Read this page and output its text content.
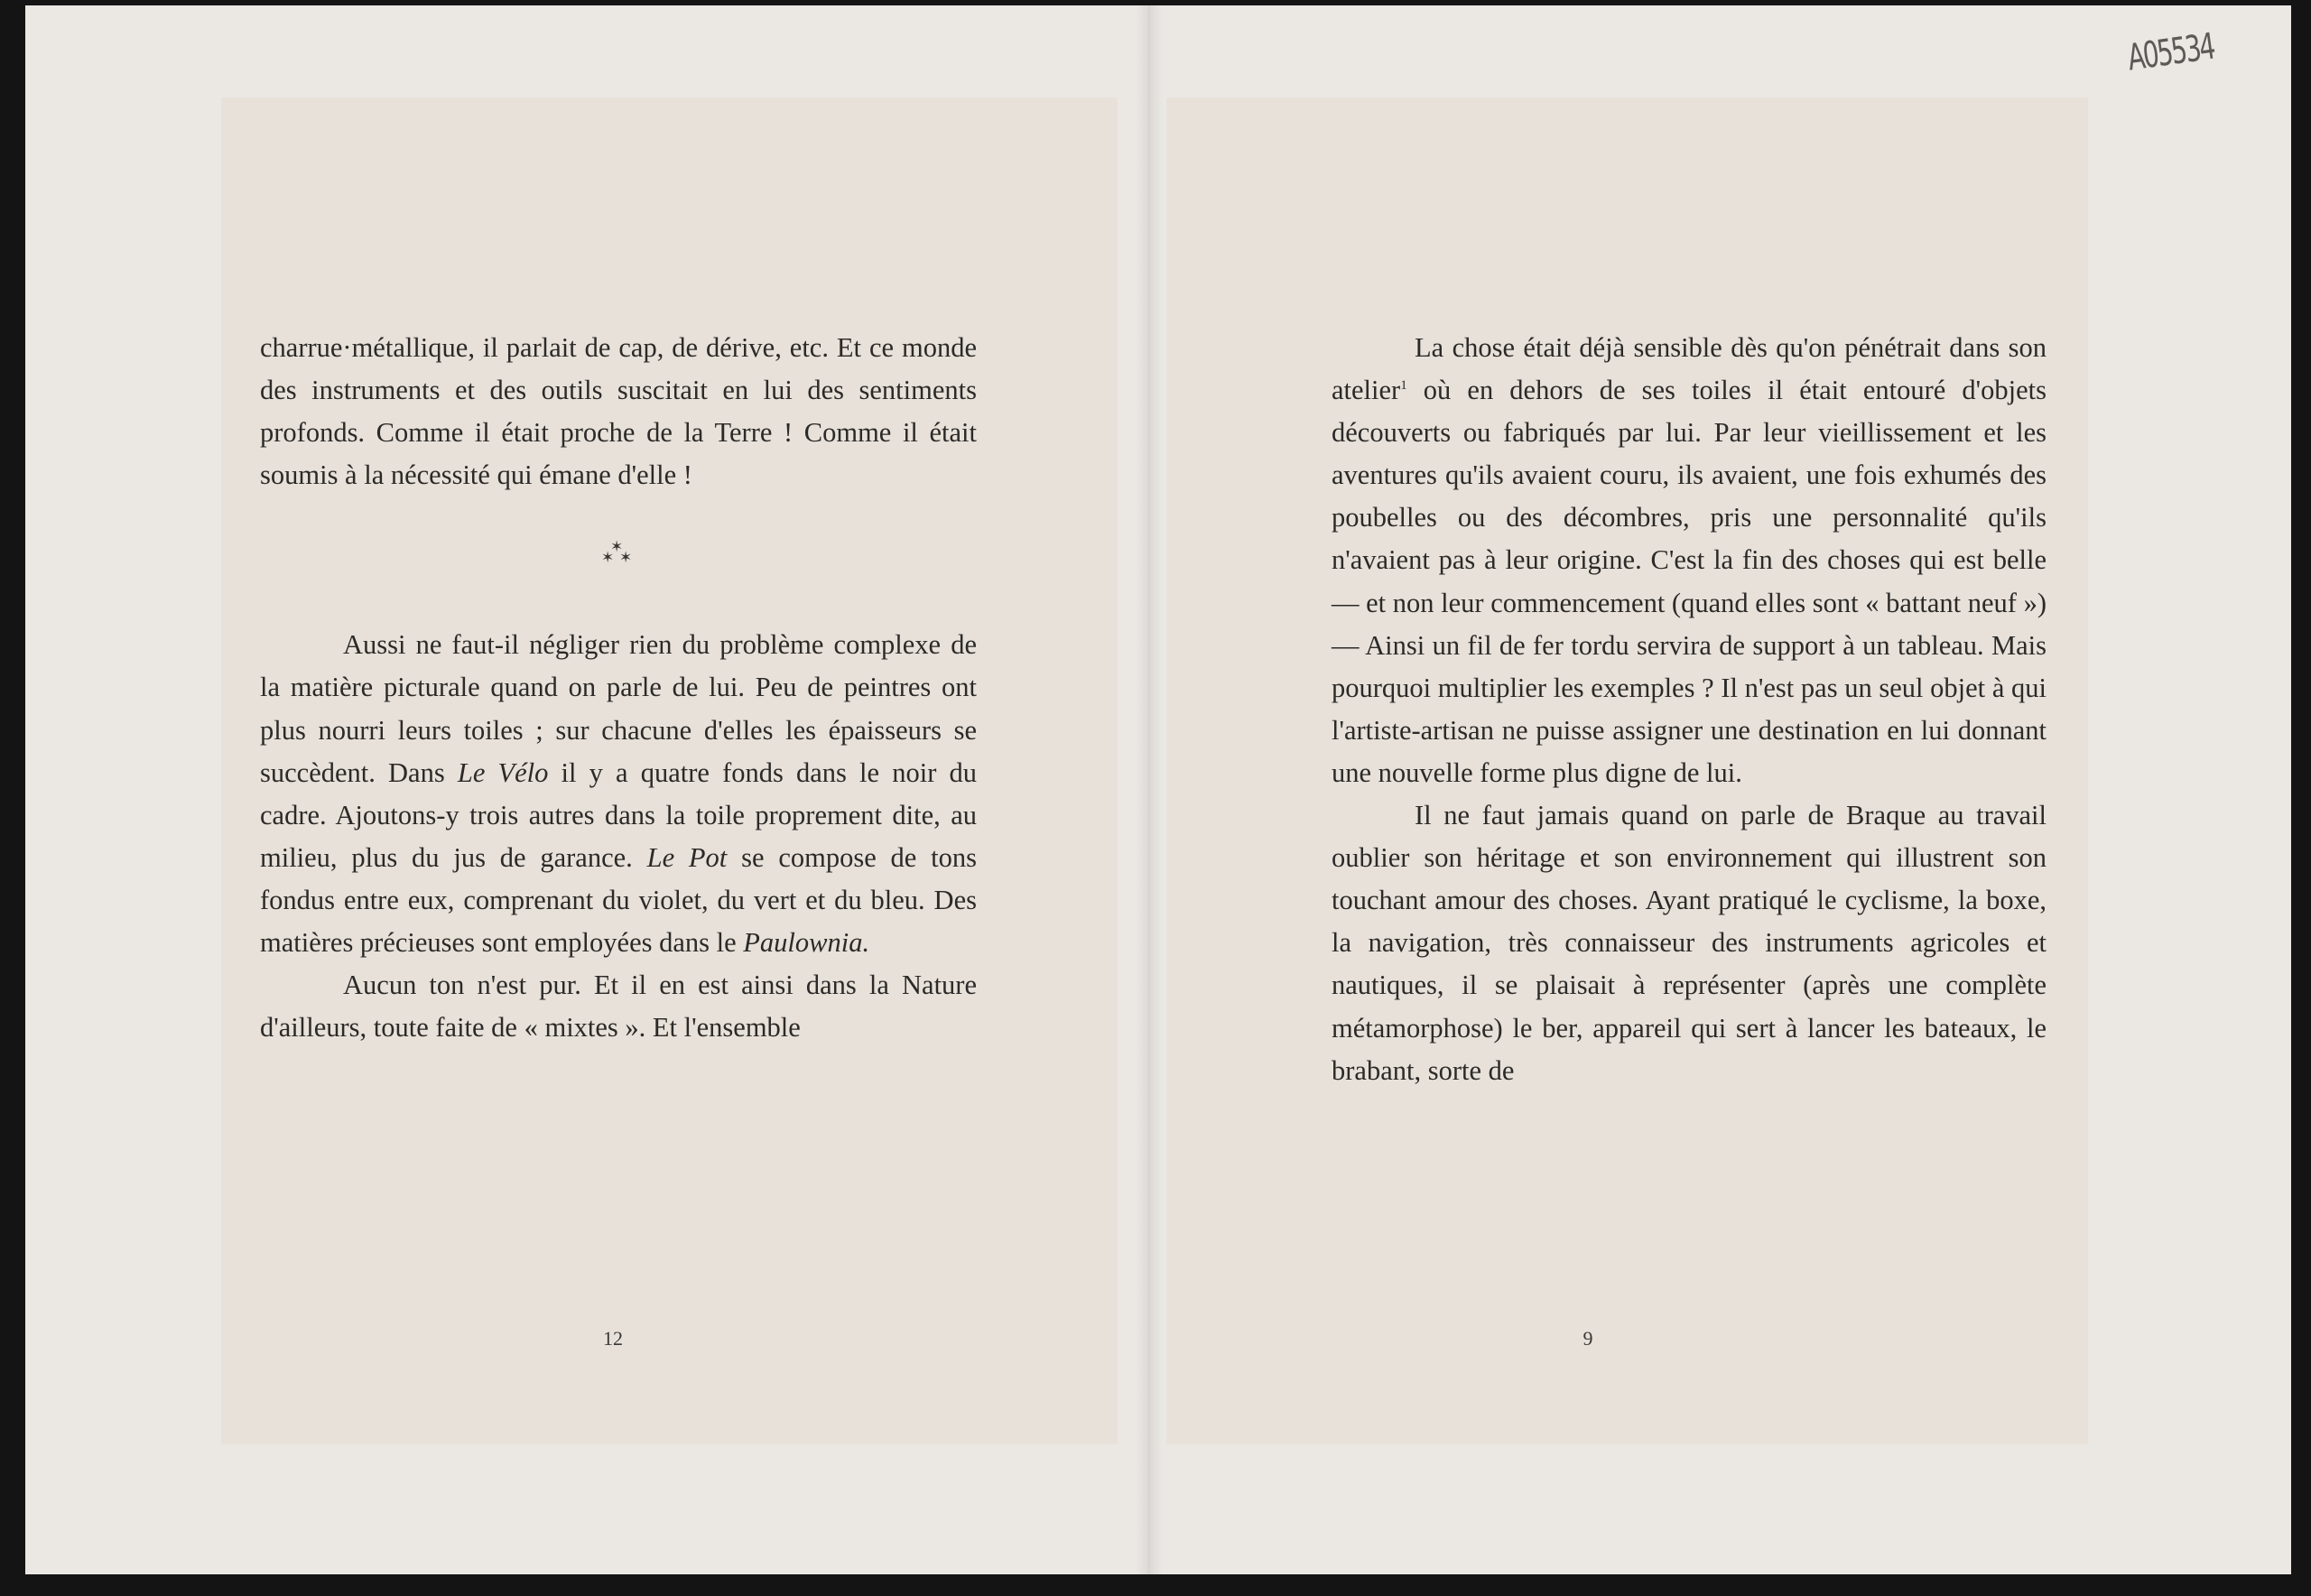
charrue·métallique, il parlait de cap, de dérive, etc. Et ce monde des instruments et des outils suscitait en lui des sentiments profonds. Comme il était proche de la Terre ! Comme il était soumis à la nécessité qui émane d'elle !

✶
✶ ✶

Aussi ne faut-il négliger rien du problème complexe de la matière picturale quand on parle de lui. Peu de peintres ont plus nourri leurs toiles ; sur chacune d'elles les épaisseurs se succèdent. Dans Le Vélo il y a quatre fonds dans le noir du cadre. Ajoutons-y trois autres dans la toile proprement dite, au milieu, plus du jus de garance. Le Pot se compose de tons fondus entre eux, comprenant du violet, du vert et du bleu. Des matières précieuses sont employées dans le Paulownia.

Aucun ton n'est pur. Et il en est ainsi dans la Nature d'ailleurs, toute faite de « mixtes ». Et l'ensemble

12

La chose était déjà sensible dès qu'on pénétrait dans son atelier$^1$ où en dehors de ses toiles il était entouré d'objets découverts ou fabriqués par lui. Par leur vieillissement et les aventures qu'ils avaient couru, ils avaient, une fois exhumés des poubelles ou des décombres, pris une personnalité qu'ils n'avaient pas à leur origine. C'est la fin des choses qui est belle — et non leur commencement (quand elles sont « battant neuf ») — Ainsi un fil de fer tordu servira de support à un tableau. Mais pourquoi multiplier les exemples ? Il n'est pas un seul objet à qui l'artiste-artisan ne puisse assigner une destination en lui donnant une nouvelle forme plus digne de lui.

Il ne faut jamais quand on parle de Braque au travail oublier son héritage et son environnement qui illustrent son touchant amour des choses. Ayant pratiqué le cyclisme, la boxe, la navigation, très connaisseur des instruments agricoles et nautiques, il se plaisait à représenter (après une complète métamorphose) le ber, appareil qui sert à lancer les bateaux, le brabant, sorte de

9
A05534
